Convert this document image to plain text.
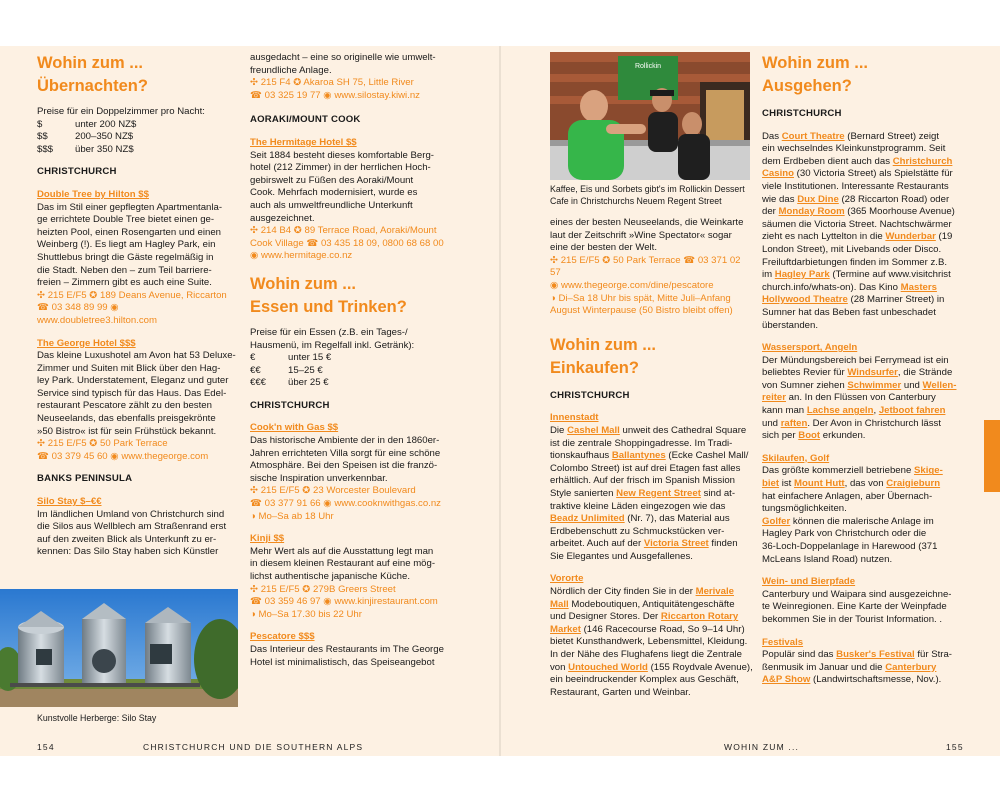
Wohin zum ...
Übernachten?

Preise für ein Doppelzimmer pro Nacht:

$	unter 200 NZ$
$$	200–350 NZ$
$$$	über 350 NZ$
CHRISTCHURCH
Double Tree by Hilton $$
Das im Stil einer gepflegten Apartmentanla-
ge errichtete Double Tree bietet einen ge-
heizten Pool, einen Rosengarten und einen
Weinberg (!). Es liegt am Hagley Park, ein
Shuttlebus bringt die Gäste regelmäßig in
die Stadt. Neben den – zum Teil barriere-
freien – Zimmern gibt es auch eine Suite.
✣ 215 E/F5 ✪ 189 Deans Avenue, Riccarton
☎ 03 348 89 99 ◉ www.doubletree3.hilton.com
The George Hotel $$$
Das kleine Luxushotel am Avon hat 53 Deluxe-
Zimmer und Suiten mit Blick über den Hag-
ley Park. Understatement, Eleganz und guter
Service sind typisch für das Haus. Das Edel-
restaurant Pescatore zählt zu den besten
Neuseelands, das ebenfalls preisgekrönte
»50 Bistro« ist für sein Frühstück bekannt.
✣ 215 E/F5 ✪ 50 Park Terrace
☎ 03 379 45 60 ◉ www.thegeorge.com
BANKS PENINSULA
Silo Stay $–€€
Im ländlichen Umland von Christchurch sind
die Silos aus Wellblech am Straßenrand erst
auf den zweiten Blick als Unterkunft zu er-
kennen: Das Silo Stay haben sich Künstler
Kunstvolle Herberge: Silo Stay
ausgedacht – eine so originelle wie umwelt-
freundliche Anlage.
✣ 215 F4 ✪ Akaroa SH 75, Little River
☎ 03 325 19 77 ◉ www.silostay.kiwi.nz
AORAKI/MOUNT COOK
The Hermitage Hotel $$
Seit 1884 besteht dieses komfortable Berg-
hotel (212 Zimmer) in der herrlichen Hoch-
gebirswelt zu Füßen des Aoraki/Mount
Cook. Mehrfach modernisiert, wurde es
auch als umweltfreundliche Unterkunft
ausgezeichnet.
✣ 214 B4 ✪ 89 Terrace Road, Aoraki/Mount
Cook Village ☎ 03 435 18 09, 0800 68 68 00
◉ www.hermitage.co.nz
Wohin zum ...
Essen und Trinken?
Preise für ein Essen (z.B. ein Tages-/
Hausmenü, im Regelfall inkl. Getränk):
€	unter 15 €
€€	15–25 €
€€€	über 25 €
CHRISTCHURCH
Cook'n with Gas $$
Das historische Ambiente der in den 1860er-
Jahren errichteten Villa sorgt für eine schöne
Atmosphäre. Bei den Speisen ist die franzö-
sische Inspiration unverkennbar.
✣ 215 E/F5 ✪ 23 Worcester Boulevard
☎ 03 377 91 66 ◉ www.cooknwithgas.co.nz
◑ Mo–Sa ab 18 Uhr
Kinji $$
Mehr Wert als auf die Ausstattung legt man
in diesem kleinen Restaurant auf eine mög-
lichst authentische japanische Küche.
✣ 215 E/F5 ✪ 279B Greers Street
☎ 03 359 46 97 ◉ www.kinjirestaurant.com
◑ Mo–Sa 17.30 bis 22 Uhr
Pescatore $$$
Das Interieur des Restaurants im The George
Hotel ist minimalistisch, das Speiseangebot
Rollickin
Kaffee, Eis und Sorbets gibt's im Rollickin Dessert
Cafe in Christchurchs Neuem Regent Street
eines der besten Neuseelands, die Weinkarte
laut der Zeitschrift »Wine Spectator« sogar
eine der besten der Welt.
✣ 215 E/F5 ✪ 50 Park Terrace ☎ 03 371 02 57
◉ www.thegeorge.com/dine/pescatore
◑ Di–Sa 18 Uhr bis spät, Mitte Juli–Anfang
August Winterpause (50 Bistro bleibt offen)
Wohin zum ...
Einkaufen?
CHRISTCHURCH
Innenstadt
Die Cashel Mall unweit des Cathedral Square
ist die zentrale Shoppingadresse. Im Tradi-
tionskaufhaus Ballantynes (Ecke Cashel Mall/
Colombo Street) ist auf drei Etagen fast alles
erhältlich. Auf der frisch im Spanish Mission
Style sanierten New Regent Street sind at-
traktive kleine Läden eingezogen wie das
Beadz Unlimited (Nr. 7), das Material aus
Erdbebenschutt zu Schmuckstücken ver-
arbeitet. Auch auf der Victoria Street finden
Sie Elegantes und Ausgefallenes.
Vororte
Nördlich der City finden Sie in der Merivale
Mall Modeboutiquen, Antiquitätengeschäfte
und Designer Stores. Der Riccarton Rotary
Market (146 Racecourse Road, So 9–14 Uhr)
bietet Kunsthandwerk, Lebensmittel, Kleidung.
In der Nähe des Flughafens liegt die Zentrale
von Untouched World (155 Roydvale Avenue),
ein beeindruckender Komplex aus Geschäft,
Restaurant, Garten und Weinbar.
Wohin zum ...
Ausgehen?
CHRISTCHURCH
Das Court Theatre (Bernard Street) zeigt
ein wechselndes Kleinkunstprogramm. Seit
dem Erdbeben dient auch das Christchurch
Casino (30 Victoria Street) als Spielstätte für
viele Institutionen. Interessante Restaurants
wie das Dux Dine (28 Riccarton Road) oder
der Monday Room (365 Moorhouse Avenue)
säumen die Victoria Street. Nachtschwärmer
zieht es nach Lyttelton in die Wunderbar (19
London Street), mit Livebands oder Disco.
Freiluftdarbietungen finden im Sommer z.B.
im Hagley Park (Termine auf www.visitchrist
church.info/whats-on). Das Kino Masters
Hollywood Theatre (28 Marriner Street) in
Sumner hat das Beben fast unbeschadet
überstanden.
Wassersport, Angeln
Der Mündungsbereich bei Ferrymead ist ein
beliebtes Revier für Windsurfer, die Strände
von Sumner ziehen Schwimmer und Wellen-
reiter an. In den Flüssen von Canterbury
kann man Lachse angeln, Jetboot fahren
und raften. Der Avon in Christchurch lässt
sich per Boot erkunden.
Skilaufen, Golf
Das größte kommerziell betriebene Skige-
biet ist Mount Hutt, das von Craigieburn
hat einfachere Anlagen, aber Übernach-
tungsmöglichkeiten.
Golfer können die malerische Anlage im
Hagley Park von Christchurch oder die
36-Loch-Doppelanlage in Harewood (371
McLeans Island Road) nutzen.
Wein- und Bierpfade
Canterbury und Waipara sind ausgezeichne-
te Weinregionen. Eine Karte der Weinpfade
bekommen Sie in der Tourist Information. .
Festivals
Populär sind das Busker's Festival für Stra-
ßenmusik im Januar und die Canterbury
A&P Show (Landwirtschaftsmesse, Nov.).
154	CHRISTCHURCH UND DIE SOUTHERN ALPS	WOHIN ZUM ...	155
